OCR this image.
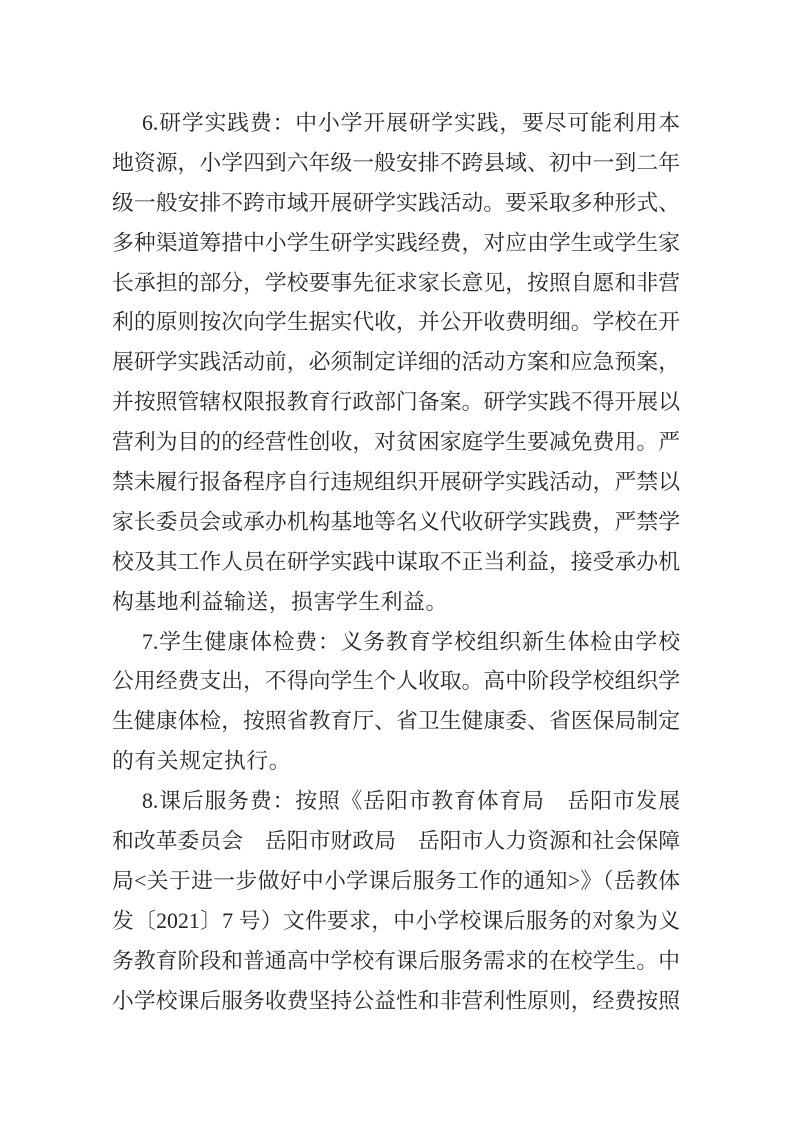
6.研学实践费：中小学开展研学实践，要尽可能利用本
地资源，小学四到六年级一般安排不跨县域、初中一到二年
级一般安排不跨市域开展研学实践活动。要采取多种形式、
多种渠道筹措中小学生研学实践经费，对应由学生或学生家
长承担的部分，学校要事先征求家长意见，按照自愿和非营
利的原则按次向学生据实代收，并公开收费明细。学校在开
展研学实践活动前，必须制定详细的活动方案和应急预案，
并按照管辖权限报教育行政部门备案。研学实践不得开展以
营利为目的的经营性创收，对贫困家庭学生要减免费用。严
禁未履行报备程序自行违规组织开展研学实践活动，严禁以
家长委员会或承办机构基地等名义代收研学实践费，严禁学
校及其工作人员在研学实践中谋取不正当利益，接受承办机
构基地利益输送，损害学生利益。
7.学生健康体检费：义务教育学校组织新生体检由学校
公用经费支出，不得向学生个人收取。高中阶段学校组织学
生健康体检，按照省教育厅、省卫生健康委、省医保局制定
的有关规定执行。
8.课后服务费：按照《岳阳市教育体育局　岳阳市发展
和改革委员会　岳阳市财政局　岳阳市人力资源和社会保障
局<关于进一步做好中小学课后服务工作的通知>》（岳教体
发〔2021〕7 号）文件要求，中小学校课后服务的对象为义
务教育阶段和普通高中学校有课后服务需求的在校学生。中
小学校课后服务收费坚持公益性和非营利性原则，经费按照
